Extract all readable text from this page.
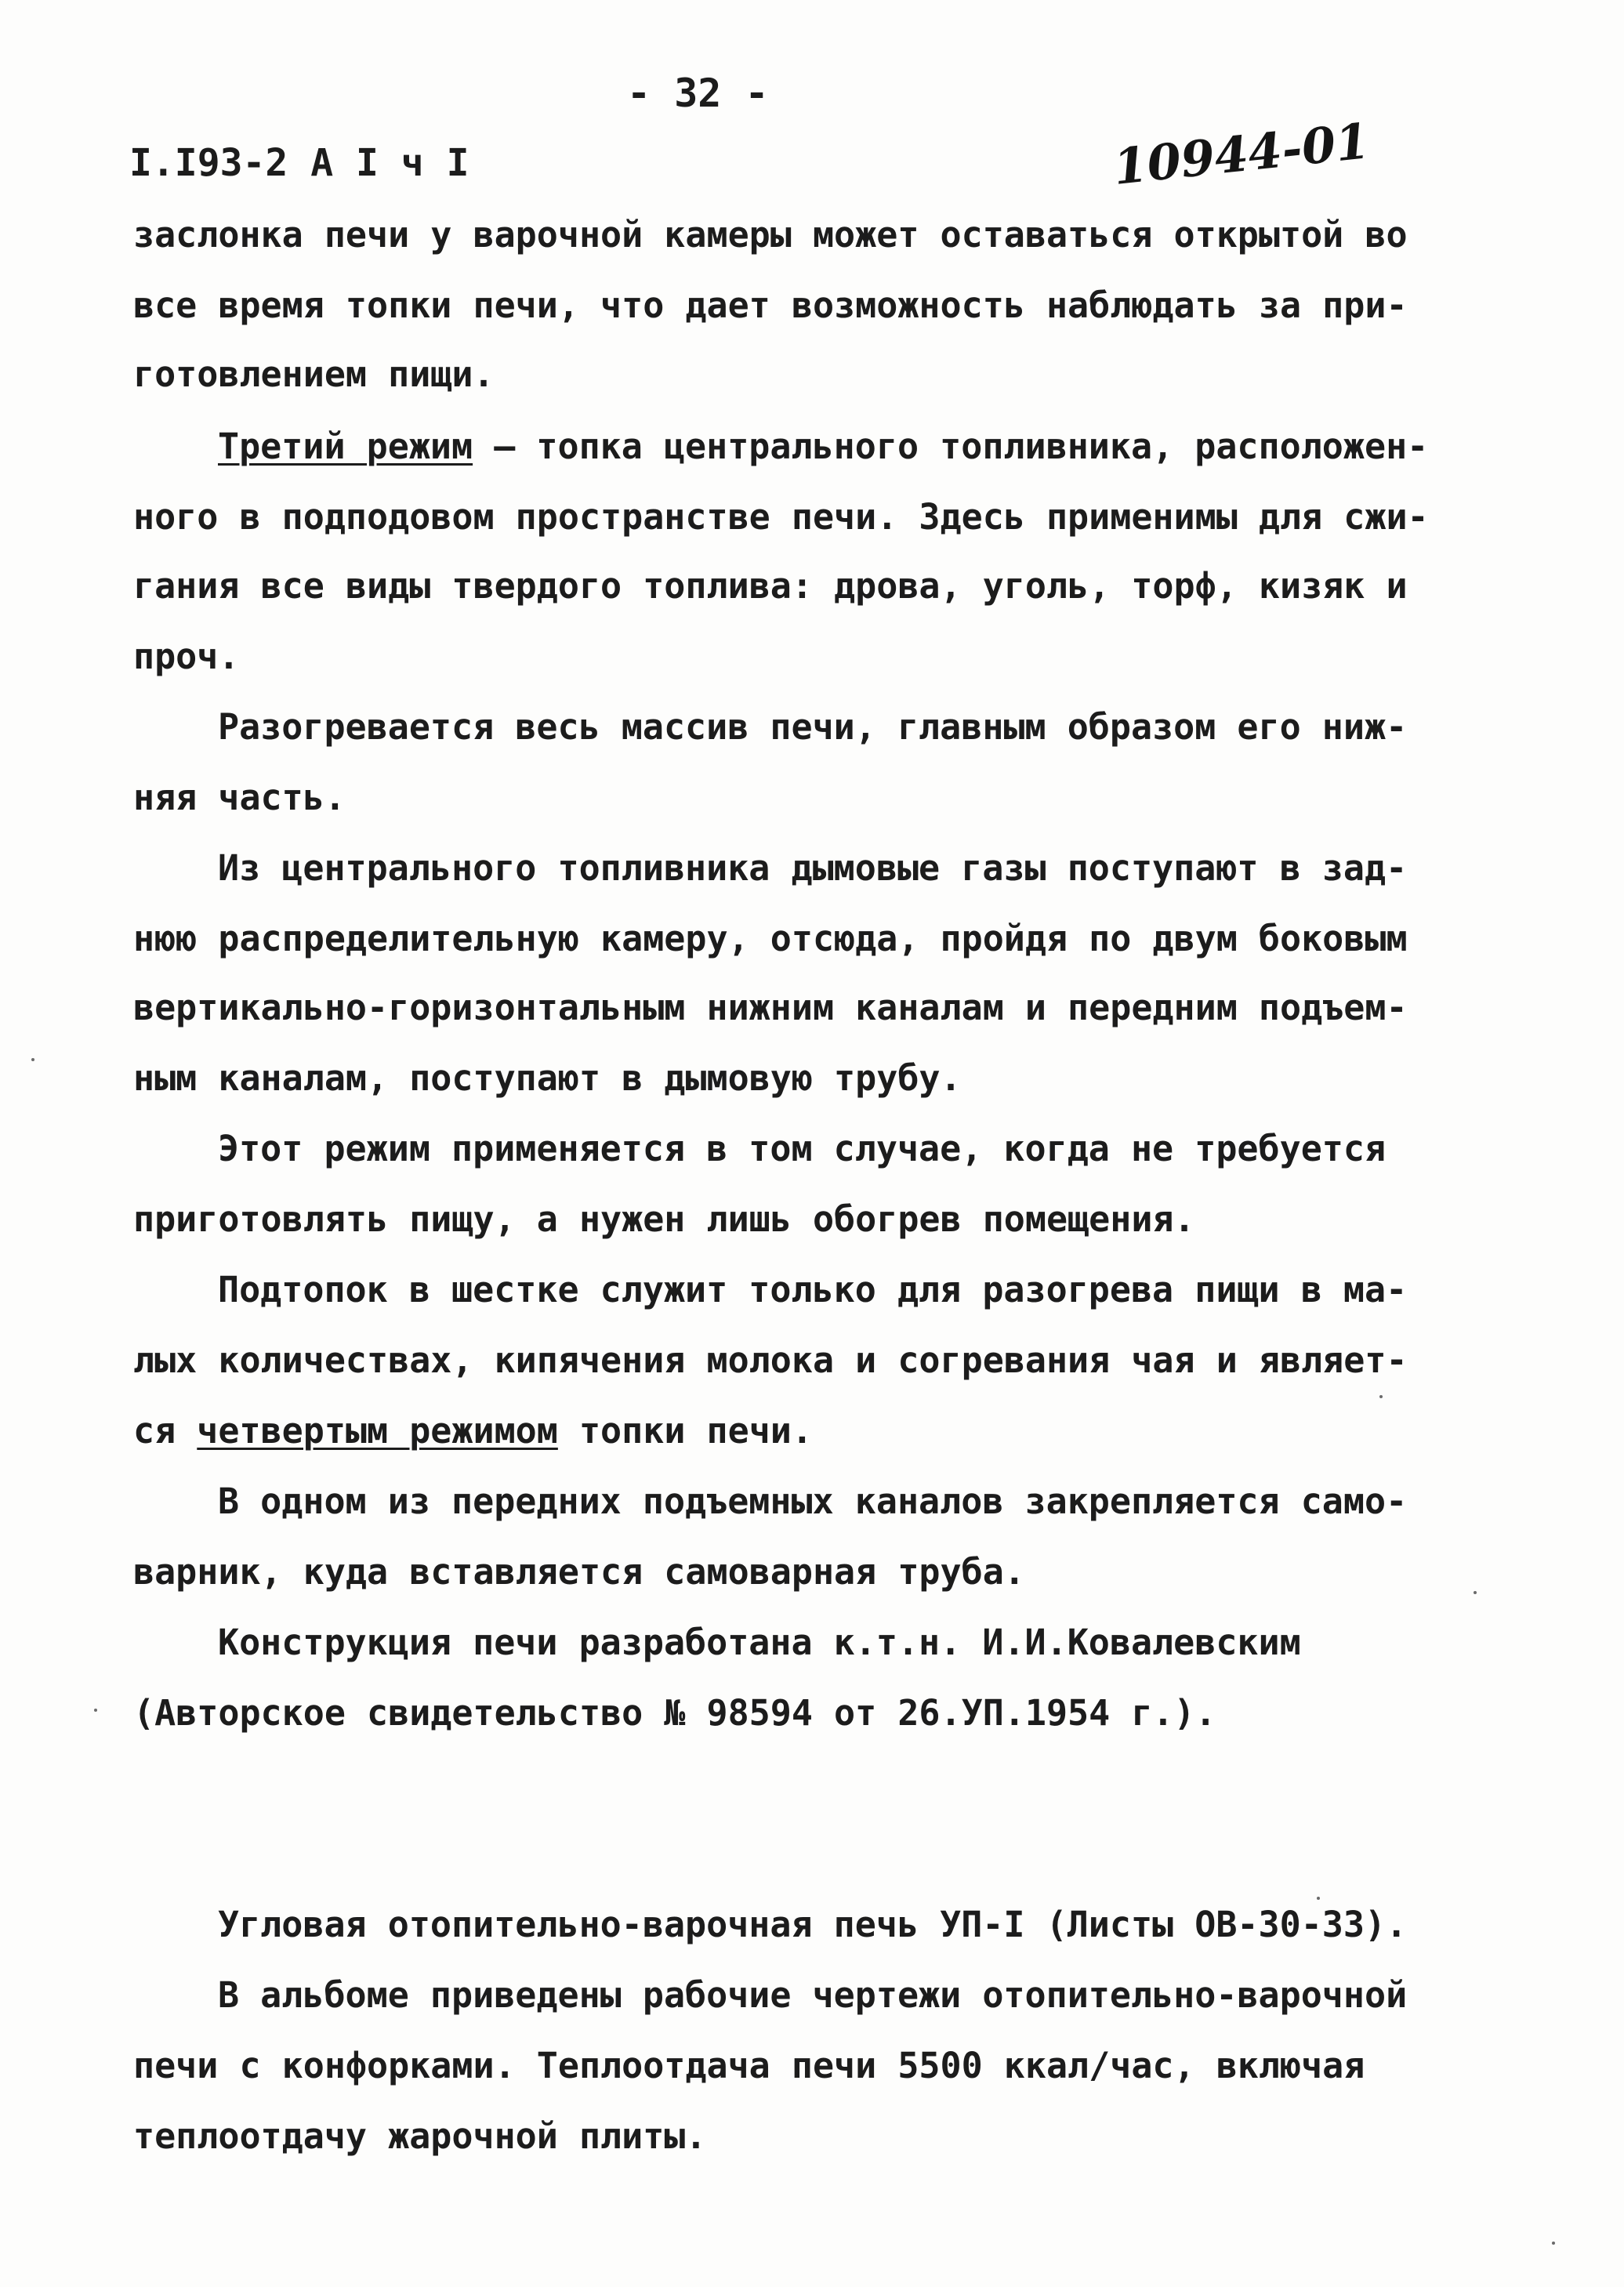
- 32 -
I.I93-2 A I ч I	10944-01
заслонка печи у варочной камеры может оставаться открытой во
все время топки печи, что дает возможность наблюдать за при-
готовлением пищи.
Третий режим — топка центрального топливника, расположен-
ного в подподовом пространстве печи. Здесь применимы для сжи-
гания все виды твердого топлива: дрова, уголь, торф, кизяк и
проч.
Разогревается весь массив печи, главным образом его ниж-
няя часть.
Из центрального топливника дымовые газы поступают в зад-
нюю распределительную камеру, отсюда, пройдя по двум боковым
вертикально-горизонтальным нижним каналам и передним подъем-
ным каналам, поступают в дымовую трубу.
Этот режим применяется в том случае, когда не требуется
приготовлять пищу, а нужен лишь обогрев помещения.
Подтопок в шестке служит только для разогрева пищи в ма-
лых количествах, кипячения молока и согревания чая и являет-
ся четвертым режимом топки печи.
В одном из передних подъемных каналов закрепляется само-
варник, куда вставляется самоварная труба.
Конструкция печи разработана к.т.н. И.И.Ковалевским
(Авторское свидетельство № 98594 от 26.УП.1954 г.).
Угловая отопительно-варочная печь УП-I (Листы ОВ-30-33).
В альбоме приведены рабочие чертежи отопительно-варочной
печи с конфорками. Теплоотдача печи 5500 ккал/час, включая
теплоотдачу жарочной плиты.
